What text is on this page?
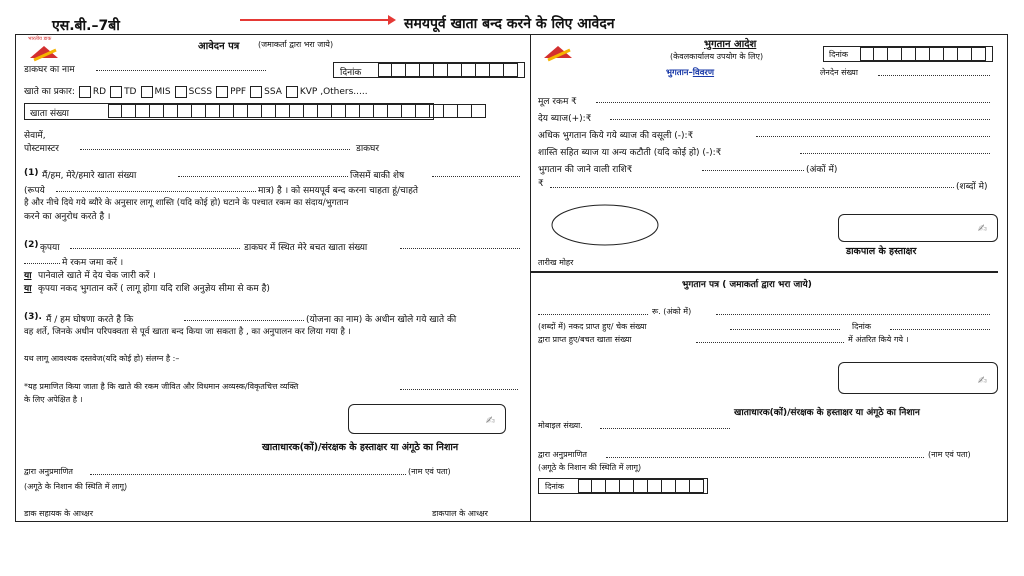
एस.बी.–7बी	समयपूर्व खाता बन्द करने के लिए आवेदन
भारतीय डाक
आवेदन पत्र (जमाकर्ता द्वारा भरा जाये)
डाकघर का नाम	दिनांक
खाते का प्रकार: RD TD MIS SCSS PPF SSA KVP ,Others.....
खाता संख्या
सेवामें,
पोस्टमास्टर	डाकघर
(1) मैं/हम, मेरे/हमारे खाता संख्या	जिसमें बाकी शेष
(रूपये	मात्र) है । को समयपूर्व बन्द करना चाहता हूं/चाहते
है और नीचे दिये गये ब्यौरे के अनुसार लागू शास्ति (यदि कोई हो) घटाने के पश्चात रकम का संदाय/भुगतान
करने का अनुरोध करते है ।
(2) कृपया	डाकघर में स्थित मेरे बचत खाता संख्या
मे रकम जमा करें ।
या पानेवाले खाते में देय चेक जारी करें ।
या कृपया नकद भुगतान करें ( लागू होगा यदि राशि अनुज्ञेय सीमा से कम है)
(3). मैं / हम घोषणा करते है कि	(योजना का नाम) के अधीन खोले गये खाते की
वह शर्ते, जिनके अधीन परिपक्वता से पूर्व खाता बन्द किया जा सकता है , का अनुपालन कर लिया गया है ।
यथ लागू आवश्यक दस्तवेज(यदि कोई हो) संलग्न है :–
*यह प्रमाणित किया जाता है कि खाते की रकम जीवित और विधमान अव्यस्क/विकृतचित्त व्यक्ति
के लिए अपेक्षित है ।
✍
खाताधारक(कों)/संरक्षक के हस्ताक्षर या अंगूठे का निशान
द्वारा अनुप्रमाणित	(नाम एवं पता)
(अगूठे के निशान की स्थिति में लागू)
डाक सहायक के आध्क्षर	डाकपाल के आध्क्षर
भुगतान आदेश
(केवलकार्यालय उपयोग के लिए)	दिनांक
भुगतान–विवरण	लेनदेन संख्या
मूल रकम ₹
देय ब्याज(+):₹
अधिक भुगतान किये गये ब्याज की वसूली (-):₹
शास्ति सहित ब्याज या अन्य कटौती (यदि कोई हो) (-):₹
भुगतान की जाने वाली राशि₹	(अंकों में)
₹	(शब्दों मे)
तारीख मोहर
✍
डाकपाल के हस्ताक्षर
भुगतान पत्र ( जमाकर्ता द्वारा भरा जाये)
रू. (अंको में)
(शब्दों में) नकद प्राप्त हुए/ चेक संख्या	दिनांक
द्वारा प्राप्त हुए/बचत खाता संख्या	में अंतरित किये गये ।
✍
खाताधारक(कों)/संरक्षक के हस्ताक्षर या अंगूठे का निशान
मोबाइल संख्या.
द्वारा अनुप्रमाणित	(नाम एवं पता)
(अगूठे के निशान की स्थिति में लागू)
दिनांक
